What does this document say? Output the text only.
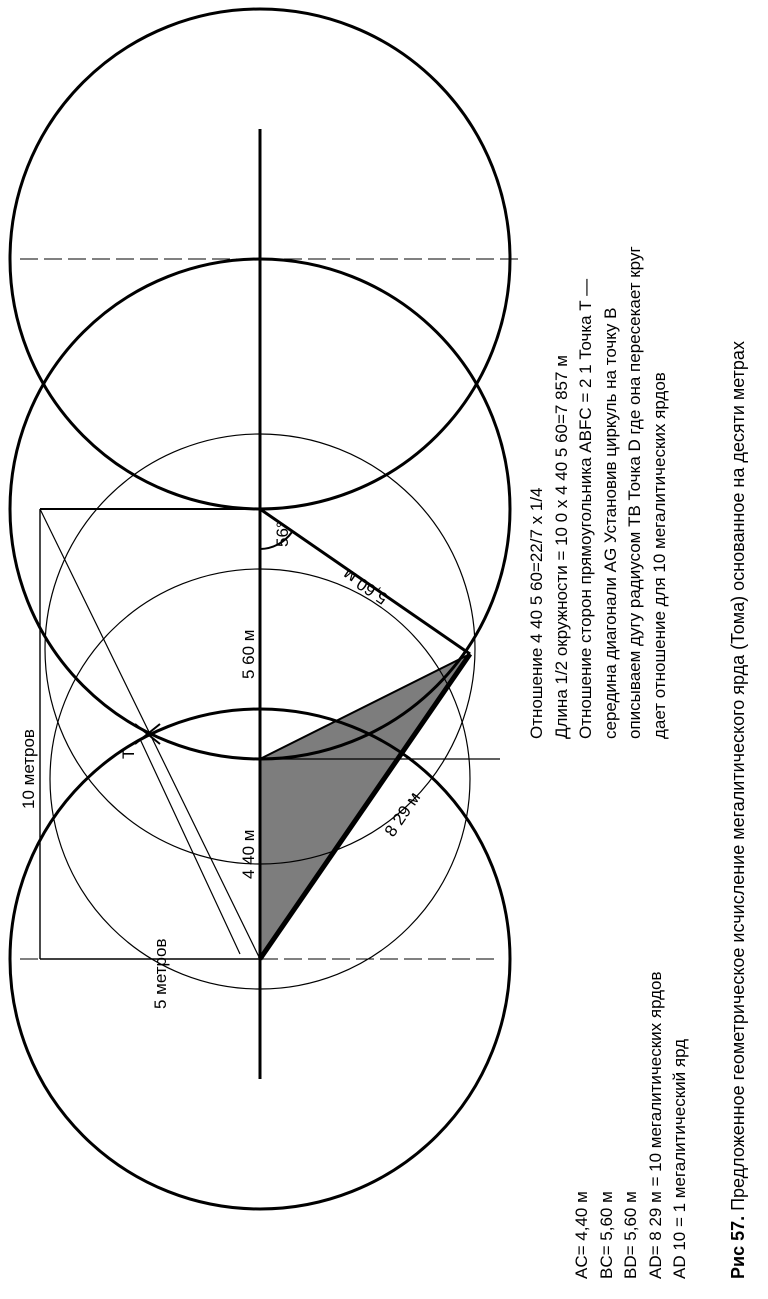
10 метров
5 метров
4 40 м
5 60 м
56°
T
5,60 м
8 29 м
AC= 4,40 м BC= 5,60 м BD= 5,60 м AD= 8 29 м = 10 мегалитических ярдов AD 10 = 1 мегалитический ярд
Отношение 4 40 5 60=22/7 x 1/4 Длина 1/2 окружности = 10 0 x 4 40 5 60=7 857 м Отношение сторон прямоугольника ABFC = 2 1 Точка T — середина диагонали AG Установив циркуль на точку B описываем дугу радиусом TB Точка D где она пересекает круг дает отношение для 10 мегалитических ярдов
Рис 57. Предложенное геометрическое исчисление мегалитического ярда (Тома) основанное на десяти метрах
